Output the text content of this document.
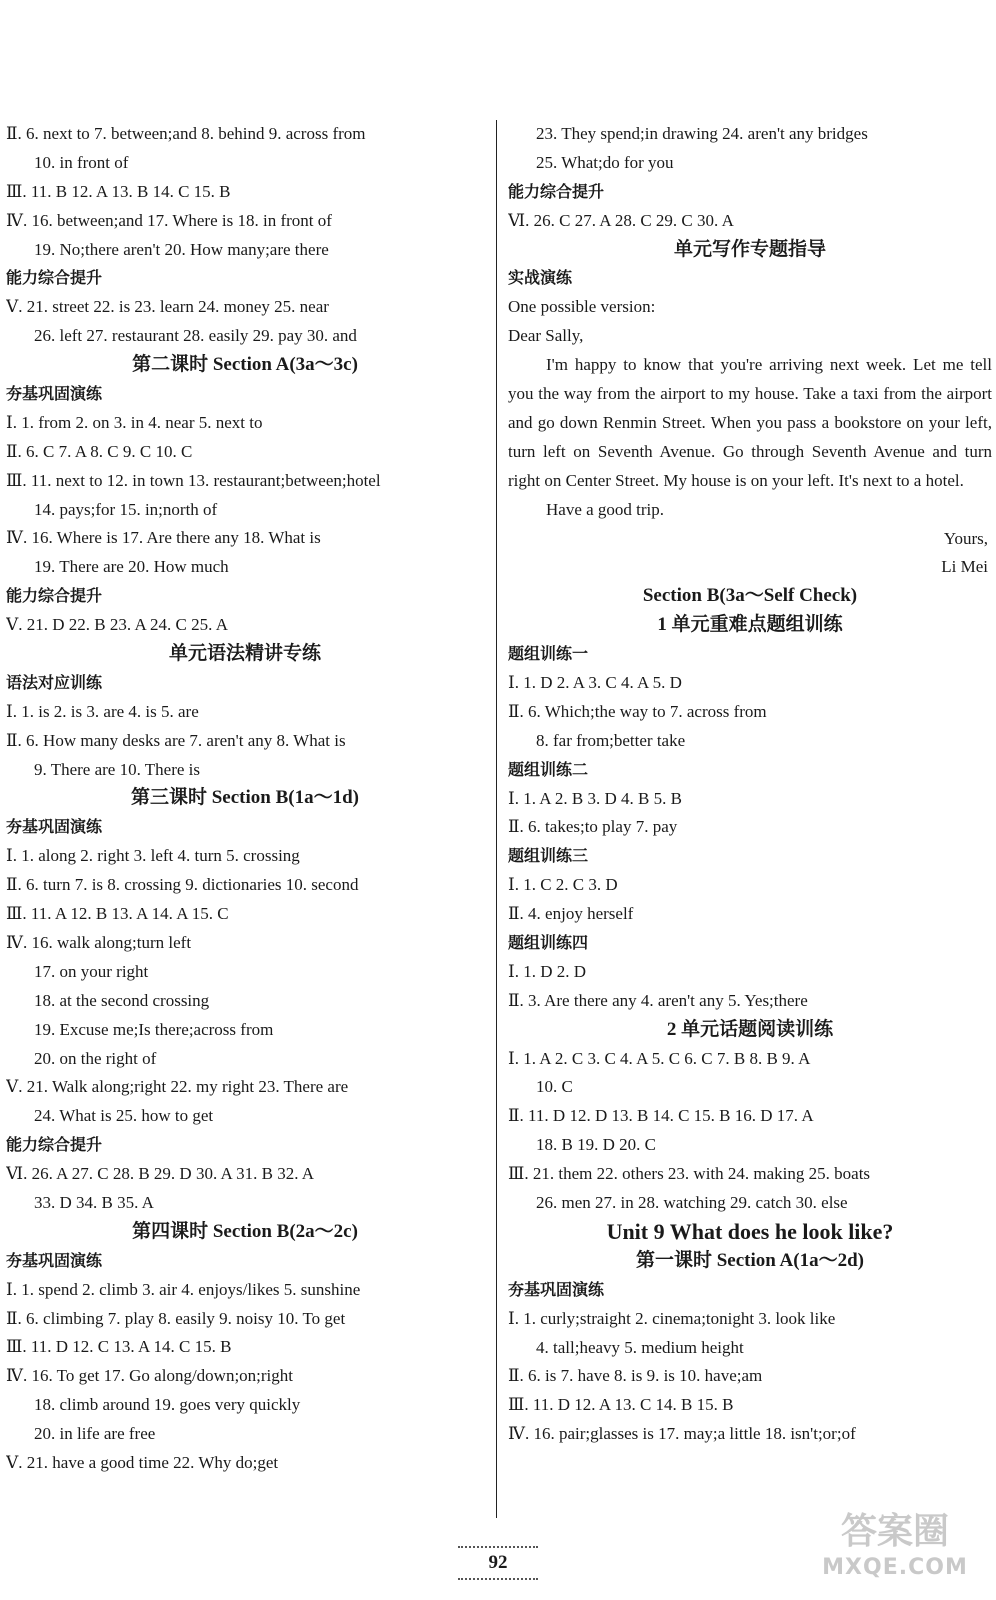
Ⅱ. 6. next to 7. between;and 8. behind 9. across from
10. in front of
Ⅲ. 11. B 12. A 13. B 14. C 15. B
Ⅳ. 16. between;and 17. Where is 18. in front of
19. No;there aren't 20. How many;are there
能力综合提升
Ⅴ. 21. street 22. is 23. learn 24. money 25. near
26. left 27. restaurant 28. easily 29. pay 30. and
第二课时 Section A(3a～3c)
夯基巩固演练
Ⅰ. 1. from 2. on 3. in 4. near 5. next to
Ⅱ. 6. C 7. A 8. C 9. C 10. C
Ⅲ. 11. next to 12. in town 13. restaurant;between;hotel
14. pays;for 15. in;north of
Ⅳ. 16. Where is 17. Are there any 18. What is
19. There are 20. How much
能力综合提升
Ⅴ. 21. D 22. B 23. A 24. C 25. A
单元语法精讲专练
语法对应训练
Ⅰ. 1. is 2. is 3. are 4. is 5. are
Ⅱ. 6. How many desks are 7. aren't any 8. What is
9. There are 10. There is
第三课时 Section B(1a～1d)
夯基巩固演练
Ⅰ. 1. along 2. right 3. left 4. turn 5. crossing
Ⅱ. 6. turn 7. is 8. crossing 9. dictionaries 10. second
Ⅲ. 11. A 12. B 13. A 14. A 15. C
Ⅳ. 16. walk along;turn left
17. on your right
18. at the second crossing
19. Excuse me;Is there;across from
20. on the right of
Ⅴ. 21. Walk along;right 22. my right 23. There are
24. What is 25. how to get
能力综合提升
Ⅵ. 26. A 27. C 28. B 29. D 30. A 31. B 32. A
33. D 34. B 35. A
第四课时 Section B(2a～2c)
夯基巩固演练
Ⅰ. 1. spend 2. climb 3. air 4. enjoys/likes 5. sunshine
Ⅱ. 6. climbing 7. play 8. easily 9. noisy 10. To get
Ⅲ. 11. D 12. C 13. A 14. C 15. B
Ⅳ. 16. To get 17. Go along/down;on;right
18. climb around 19. goes very quickly
20. in life are free
Ⅴ. 21. have a good time 22. Why do;get
23. They spend;in drawing 24. aren't any bridges
25. What;do for you
能力综合提升
Ⅵ. 26. C 27. A 28. C 29. C 30. A
单元写作专题指导
实战演练
One possible version:
Dear Sally,

I'm happy to know that you're arriving next week. Let me tell you the way from the airport to my house. Take a taxi from the airport and go down Renmin Street. When you pass a bookstore on your left, turn left on Seventh Avenue. Go through Seventh Avenue and turn right on Center Street. My house is on your left. It's next to a hotel.

Have a good trip.

Yours,
Li Mei
Section B(3a～Self Check)
1 单元重难点题组训练
题组训练一
Ⅰ. 1. D 2. A 3. C 4. A 5. D
Ⅱ. 6. Which;the way to 7. across from
8. far from;better take
题组训练二
Ⅰ. 1. A 2. B 3. D 4. B 5. B
Ⅱ. 6. takes;to play 7. pay
题组训练三
Ⅰ. 1. C 2. C 3. D
Ⅱ. 4. enjoy herself
题组训练四
Ⅰ. 1. D 2. D
Ⅱ. 3. Are there any 4. aren't any 5. Yes;there
2 单元话题阅读训练
Ⅰ. 1. A 2. C 3. C 4. A 5. C 6. C 7. B 8. B 9. A
10. C
Ⅱ. 11. D 12. D 13. B 14. C 15. B 16. D 17. A
18. B 19. D 20. C
Ⅲ. 21. them 22. others 23. with 24. making 25. boats
26. men 27. in 28. watching 29. catch 30. else
Unit 9 What does he look like?
第一课时 Section A(1a～2d)
夯基巩固演练
Ⅰ. 1. curly;straight 2. cinema;tonight 3. look like
4. tall;heavy 5. medium height
Ⅱ. 6. is 7. have 8. is 9. is 10. have;am
Ⅲ. 11. D 12. A 13. C 14. B 15. B
Ⅳ. 16. pair;glasses is 17. may;a little 18. isn't;or;of
92
答案圈
MXQE.COM
